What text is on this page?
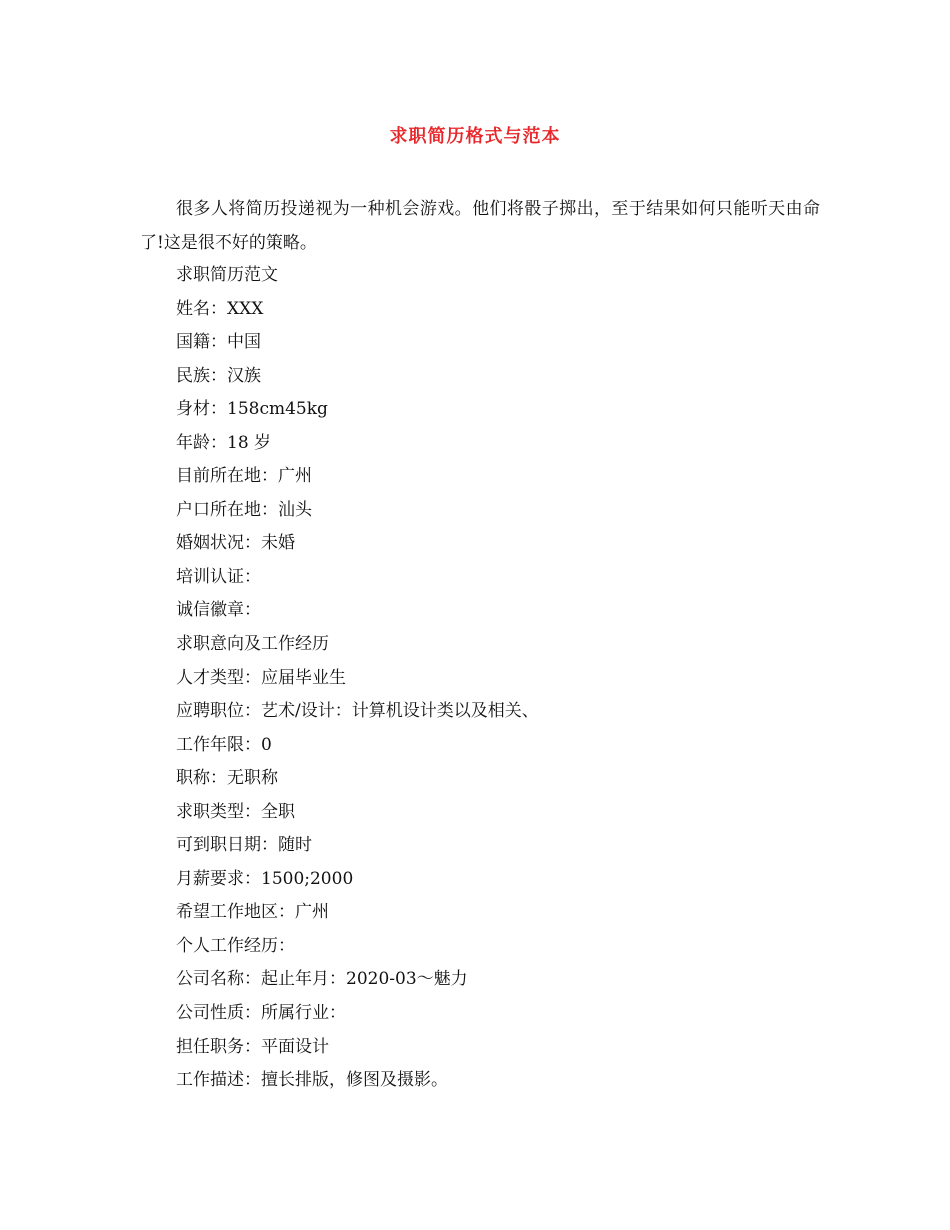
求职简历格式与范本

很多人将简历投递视为一种机会游戏。他们将骰子掷出，至于结果如何只能听天由命了!这是很不好的策略。

求职简历范文
姓名：XXX
国籍：中国
民族：汉族
身材：158cm45kg
年龄：18 岁
目前所在地：广州
户口所在地：汕头
婚姻状况：未婚
培训认证：
诚信徽章：
求职意向及工作经历
人才类型：应届毕业生
应聘职位：艺术/设计：计算机设计类以及相关、
工作年限：0
职称：无职称
求职类型：全职
可到职日期：随时
月薪要求：1500;2000
希望工作地区：广州
个人工作经历：
公司名称：起止年月：2020-03～魅力
公司性质：所属行业：
担任职务：平面设计
工作描述：擅长排版，修图及摄影。
